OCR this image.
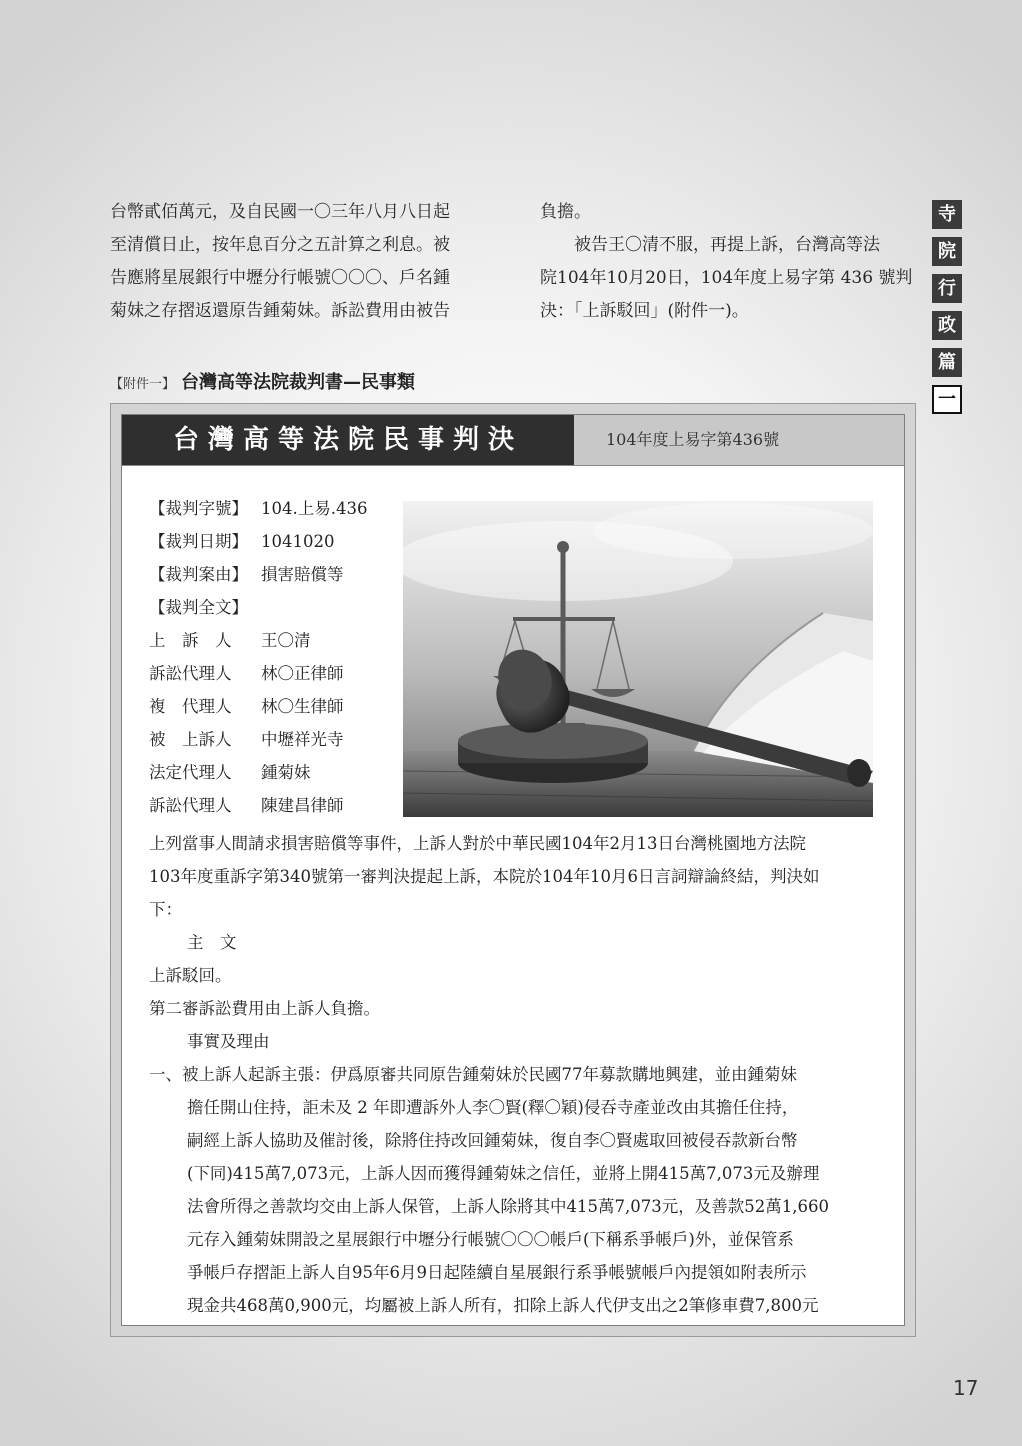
台幣貳佰萬元，及自民國一〇三年八月八日起

至清償日止，按年息百分之五計算之利息。被

告應將星展銀行中壢分行帳號〇〇〇、戶名鍾

菊妹之存摺返還原告鍾菊妹。訴訟費用由被告

負擔。

　　被告王〇清不服，再提上訴，台灣高等法

院104年10月20日，104年度上易字第 436 號判

決：「上訴駁回」(附件一)。

寺
院
行
政
篇
一
【附件一】 台灣高等法院裁判書—民事類
台灣高等法院民事判決	104年度上易字第436號
【裁判字號】 104.上易.436
【裁判日期】 1041020
【裁判案由】 損害賠償等
【裁判全文】
上　訴　人 王〇清
訴訟代理人 林〇正律師
複　代理人 林〇生律師
被　上訴人 中壢祥光寺
法定代理人 鍾菊妹
訴訟代理人 陳建昌律師
上列當事人間請求損害賠償等事件，上訴人對於中華民國104年2月13日台灣桃園地方法院
103年度重訴字第340號第一審判決提起上訴，本院於104年10月6日言詞辯論終結，判決如
下：
主　文
上訴駁回。
第二審訴訟費用由上訴人負擔。
事實及理由
一、被上訴人起訴主張：伊爲原審共同原告鍾菊妹於民國77年募款購地興建，並由鍾菊妹
擔任開山住持，詎未及 2 年即遭訴外人李〇賢(釋〇穎)侵吞寺產並改由其擔任住持，
嗣經上訴人協助及催討後，除將住持改回鍾菊妹，復自李〇賢處取回被侵吞款新台幣
(下同)415萬7,073元，上訴人因而獲得鍾菊妹之信任，並將上開415萬7,073元及辦理
法會所得之善款均交由上訴人保管，上訴人除將其中415萬7,073元，及善款52萬1,660
元存入鍾菊妹開設之星展銀行中壢分行帳號〇〇〇帳戶(下稱系爭帳戶)外，並保管系
爭帳戶存摺詎上訴人自95年6月9日起陸續自星展銀行系爭帳號帳戶內提領如附表所示
現金共468萬0,900元，均屬被上訴人所有，扣除上訴人代伊支出之2筆修車費7,800元
17
